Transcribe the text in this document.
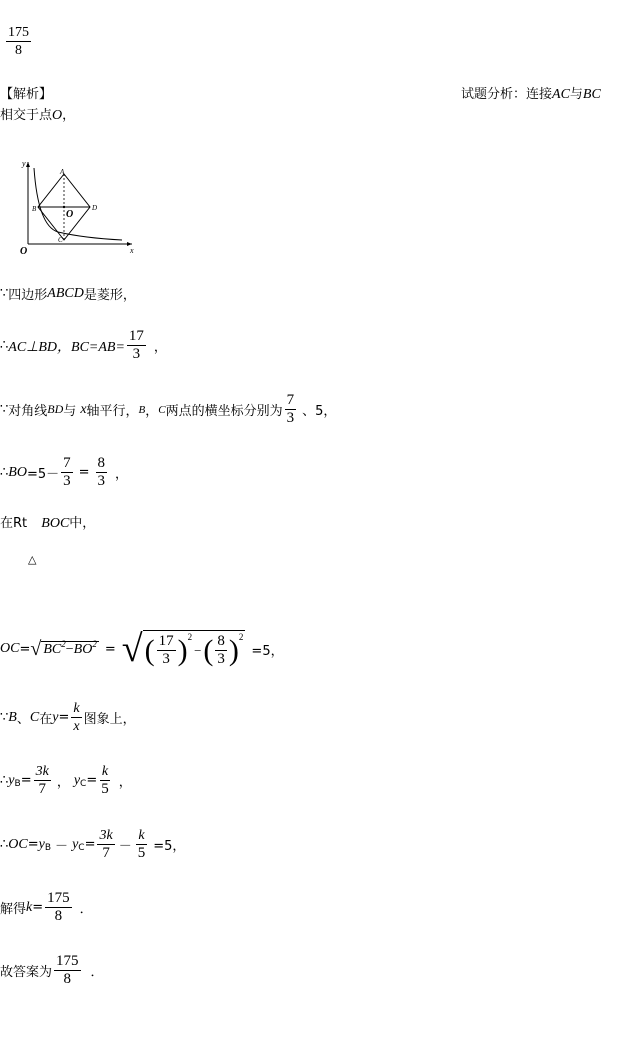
$\frac{175}{8}$
【解析】	试题分析：连接AC与BC
相交于点O，
y
x
A
B	O
D
C
O
∵ 四边形 ABCD 是菱形，
∴ AC⊥BD，$BC=AB= \frac{17}{3}$ ，
∵ 对角线 BD 与 x 轴平行， B ， C 两点的横坐标分别为 $\frac{7}{3}$ 、5，
∴ BO $=5- \frac{7}{3} = \frac{8}{3}$ ，
在Rt BOC中，
△
OC = √ $BC^2-BO^2$ = √ ( $\frac{17}{3}$ ) 2
− ( $\frac{8}{3}$ ) 2
=5，
∵ B 、 C 在 $y = \frac{k}{x}$ 图象上，
∴ y $B = \frac{3k}{7}$ ， y $C = \frac{k}{5}$ ，
∴ OC = y B － y $C = \frac{3k}{7} - \frac{k}{5} =5$，
解得 $k = \frac{175}{8}$ ．
故答案为 $\frac{175}{8}$ ．
